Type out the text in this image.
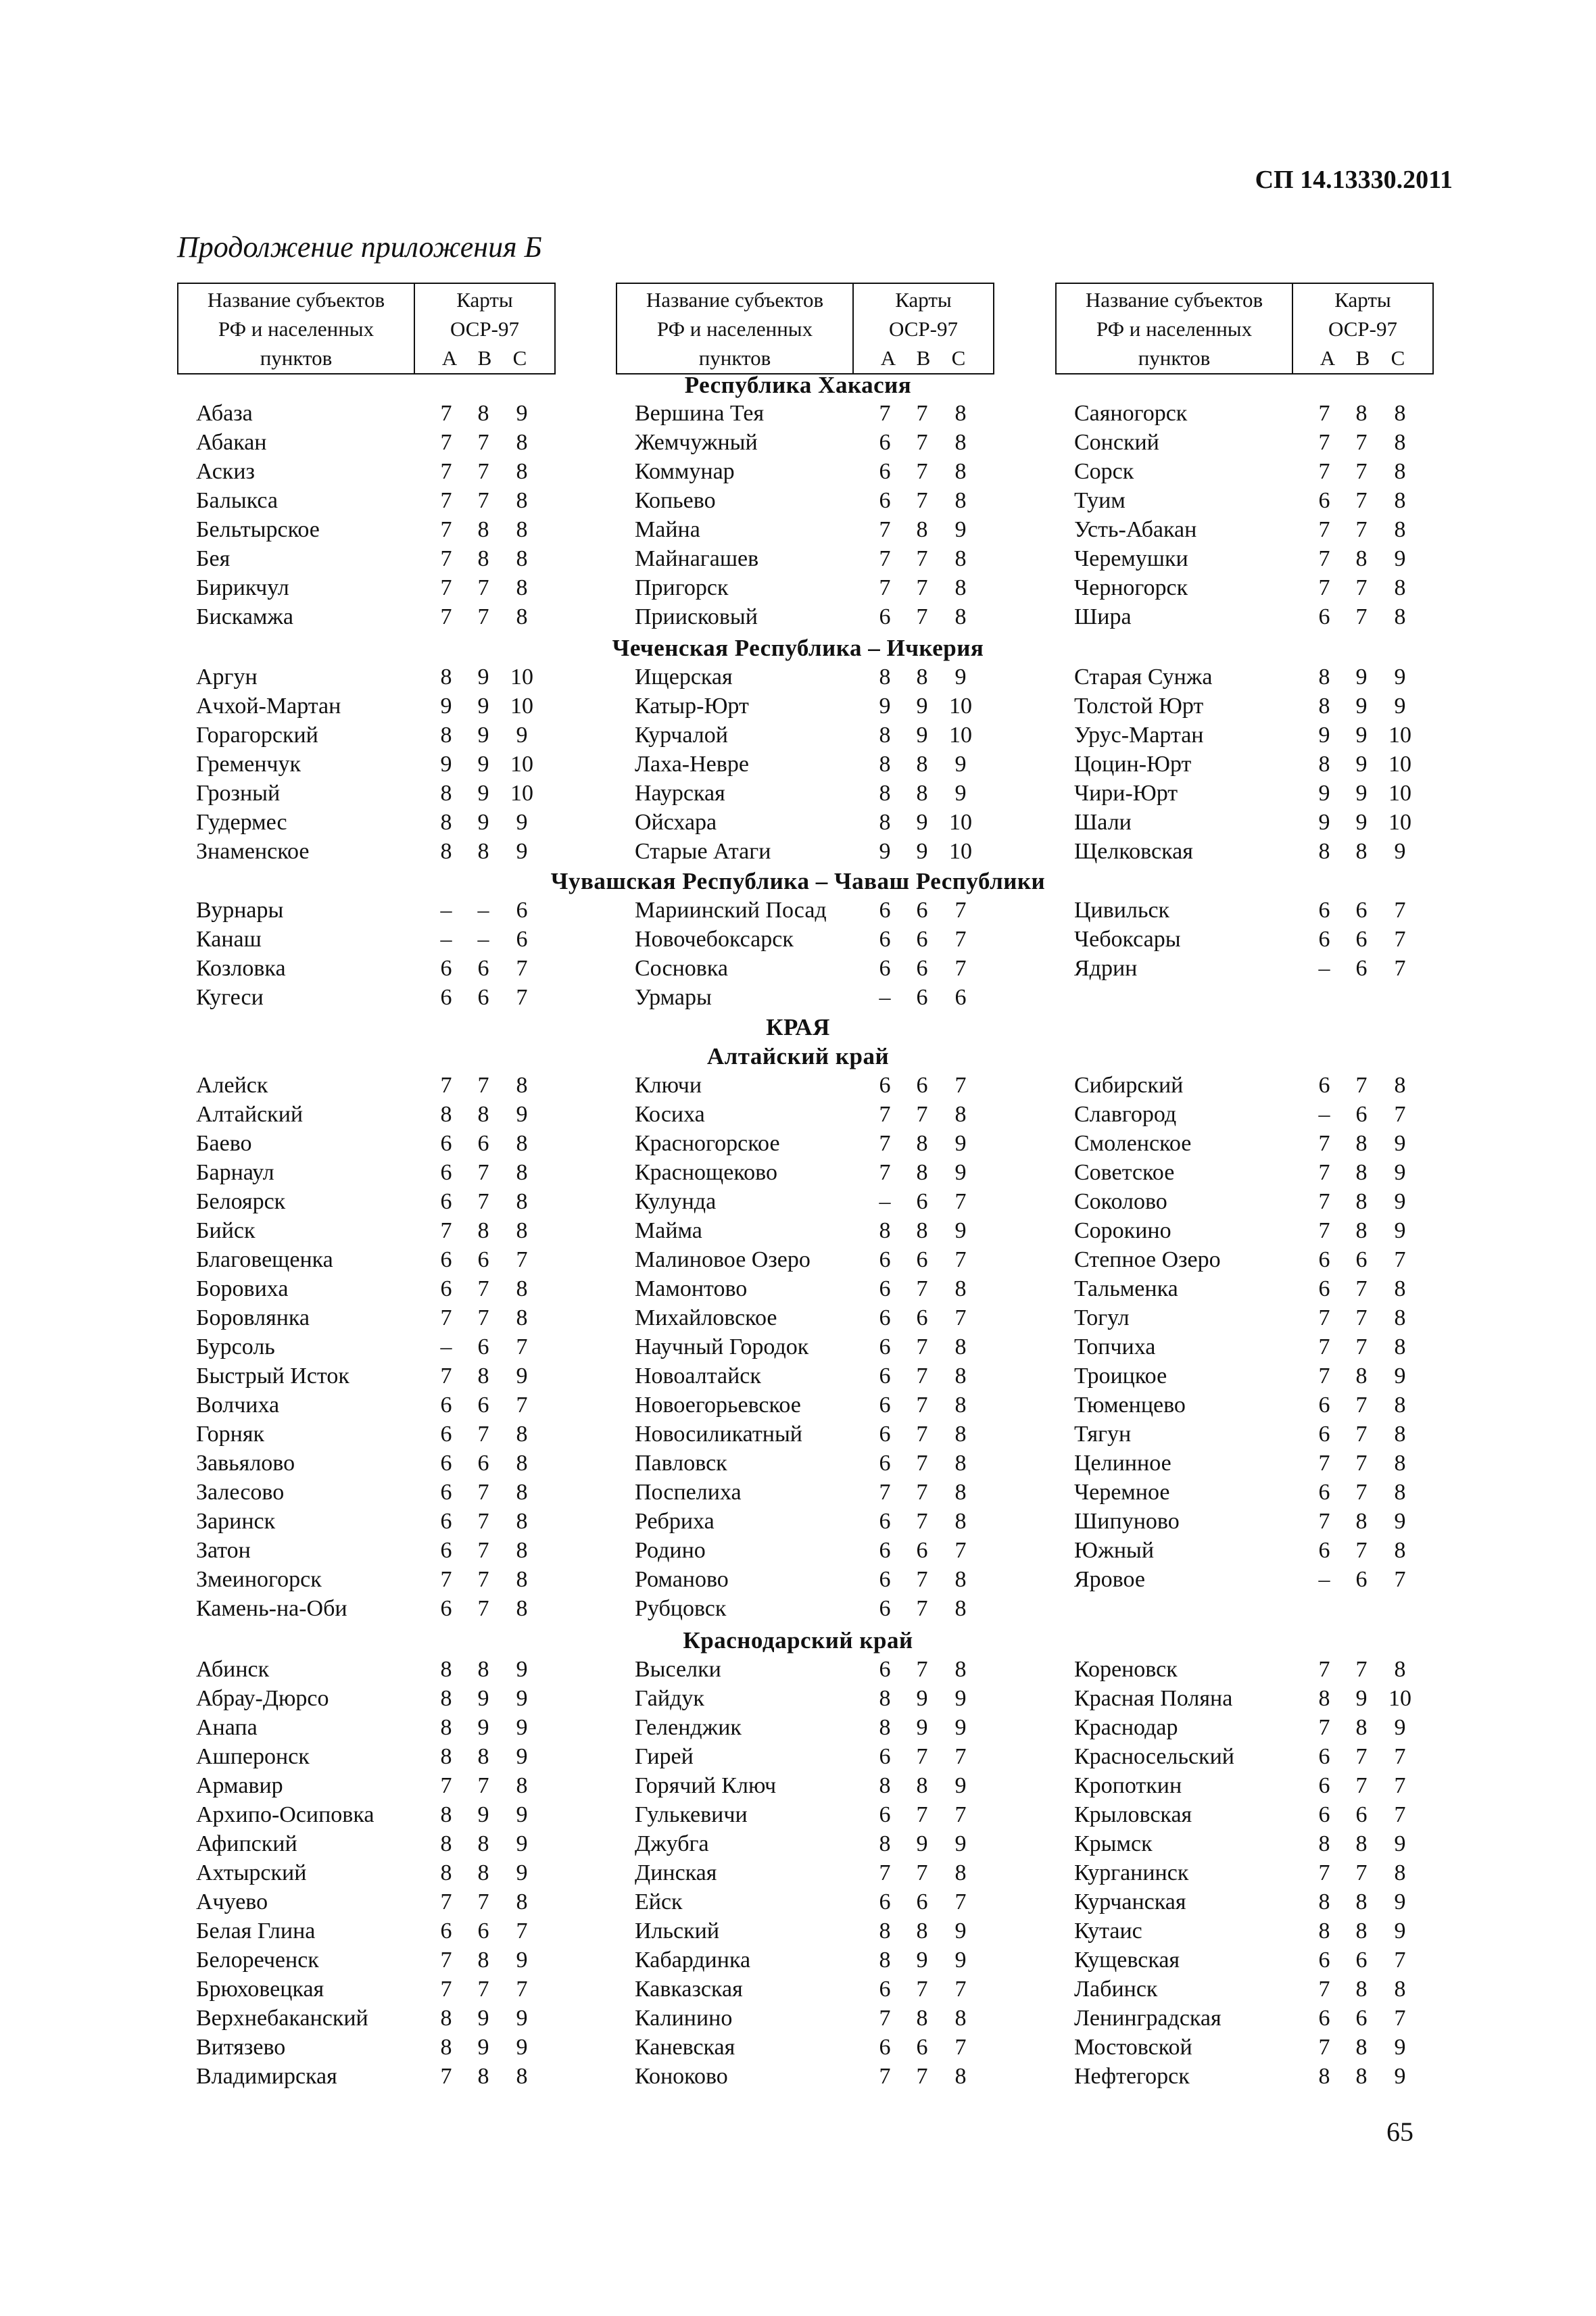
СП 14.13330.2011
Продолжение приложения Б
Название субъектов
РФ и населенных
пунктов
Карты
ОСР-97
А В	С
Название субъектов
РФ и населенных
пунктов
Карты
ОСР-97
А В	С
Название субъектов
РФ и населенных
пунктов
Карты
ОСР-97
А В	С
Республика Хакасия
Чеченская Республика – Ичкерия
Чувашская Республика – Чаваш Республики
КРАЯ
Алтайский край
Краснодарский край
Абаза	7	8	9
Абакан	7	7	8
Аскиз	7	7	8
Балыкса	7	7	8
Бельтырское	7	8	8
Бея	7	8	8
Бирикчул	7	7	8
Бискамжа	7	7	8
Вершина Тея	7	7	8
Жемчужный	6	7	8
Коммунар	6	7	8
Копьево	6	7	8
Майна	7	8	9
Майнагашев	7	7	8
Пригорск	7	7	8
Приисковый	6	7	8
Саяногорск	7	8	8
Сонский	7	7	8
Сорск	7	7	8
Туим	6	7	8
Усть-Абакан	7	7	8
Черемушки	7	8	9
Черногорск	7	7	8
Шира	6	7	8
Аргун	8	9 10
Ачхой-Мартан	9	9 10
Горагорский	8	9	9
Гременчук	9	9 10
Грозный	8	9 10
Гудермес	8	9	9
Знаменское	8	8	9
Ищерская	8	8	9
Катыр-Юрт	9	9 10
Курчалой	8	9 10
Лаха-Невре	8	8	9
Наурская	8	8	9
Ойсхара	8	9 10
Старые Атаги	9	9 10
Старая Сунжа	8	9	9
Толстой Юрт	8	9	9
Урус-Мартан	9	9 10
Цоцин-Юрт	8	9 10
Чири-Юрт	9	9 10
Шали	9	9 10
Щелковская	8	8	9
Вурнары	–	–	6
Канаш	–	–	6
Козловка	6	6	7
Кугеси	6	6	7
Мариинский Посад	6	6	7
Новочебоксарск	6	6	7
Сосновка	6	6	7
Урмары	–	6	6
Цивильск	6	6	7
Чебоксары	6	6	7
Ядрин	–	6	7
Алейск	7	7	8
Алтайский	8	8	9
Баево	6	6	8
Барнаул	6	7	8
Белоярск	6	7	8
Бийск	7	8	8
Благовещенка	6	6	7
Боровиха	6	7	8
Боровлянка	7	7	8
Бурсоль	–	6	7
Быстрый Исток	7	8	9
Волчиха	6	6	7
Горняк	6	7	8
Завьялово	6	6	8
Залесово	6	7	8
Заринск	6	7	8
Затон	6	7	8
Змеиногорск	7	7	8
Камень-на-Оби	6	7	8
Ключи	6	6	7
Косиха	7	7	8
Красногорское	7	8	9
Краснощеково	7	8	9
Кулунда	–	6	7
Майма	8	8	9
Малиновое Озеро	6	6	7
Мамонтово	6	7	8
Михайловское	6	6	7
Научный Городок	6	7	8
Новоалтайск	6	7	8
Новоегорьевское	6	7	8
Новосиликатный	6	7	8
Павловск	6	7	8
Поспелиха	7	7	8
Ребриха	6	7	8
Родино	6	6	7
Романово	6	7	8
Рубцовск	6	7	8
Сибирский	6	7	8
Славгород	–	6	7
Смоленское	7	8	9
Советское	7	8	9
Соколово	7	8	9
Сорокино	7	8	9
Степное Озеро	6	6	7
Тальменка	6	7	8
Тогул	7	7	8
Топчиха	7	7	8
Троицкое	7	8	9
Тюменцево	6	7	8
Тягун	6	7	8
Целинное	7	7	8
Черемное	6	7	8
Шипуново	7	8	9
Южный	6	7	8
Яровое	–	6	7
Абинск	8	8	9
Абрау-Дюрсо	8	9	9
Анапа	8	9	9
Ашперонск	8	8	9
Армавир	7	7	8
Архипо-Осиповка	8	9	9
Афипский	8	8	9
Ахтырский	8	8	9
Ачуево	7	7	8
Белая Глина	6	6	7
Белореченск	7	8	9
Брюховецкая	7	7	7
Верхнебаканский	8	9	9
Витязево	8	9	9
Владимирская	7	8	8
Выселки	6	7	8
Гайдук	8	9	9
Геленджик	8	9	9
Гирей	6	7	7
Горячий Ключ	8	8	9
Гулькевичи	6	7	7
Джубга	8	9	9
Динская	7	7	8
Ейск	6	6	7
Ильский	8	8	9
Кабардинка	8	9	9
Кавказская	6	7	7
Калинино	7	8	8
Каневская	6	6	7
Коноково	7	7	8
Кореновск	7	7	8
Красная Поляна	8	9 10
Краснодар	7	8	9
Красносельский	6	7	7
Кропоткин	6	7	7
Крыловская	6	6	7
Крымск	8	8	9
Курганинск	7	7	8
Курчанская	8	8	9
Кутаис	8	8	9
Кущевская	6	6	7
Лабинск	7	8	8
Ленинградская	6	6	7
Мостовской	7	8	9
Нефтегорск	8	8	9
65
